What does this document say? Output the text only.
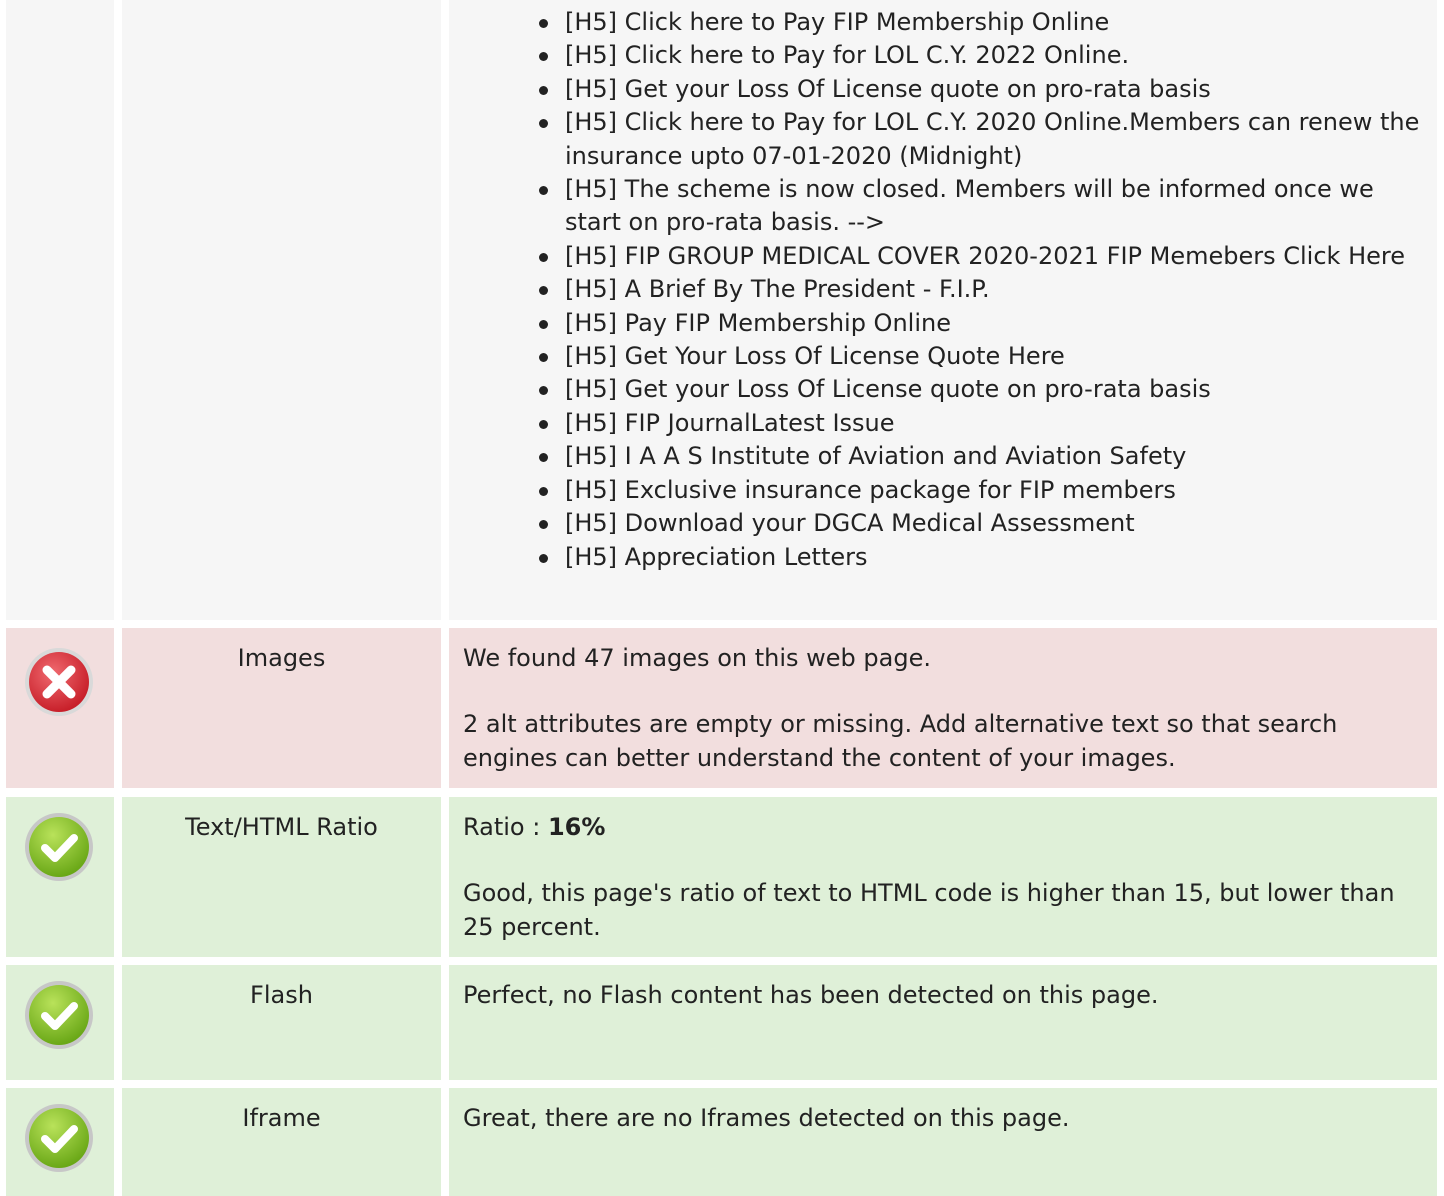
[H5] Click here to Pay FIP Membership Online
[H5] Click here to Pay for LOL C.Y. 2022 Online.
[H5] Get your Loss Of License quote on pro-rata basis
[H5] Click here to Pay for LOL C.Y. 2020 Online.Members can renew the insurance upto 07-01-2020 (Midnight)
[H5] The scheme is now closed. Members will be informed once we start on pro-rata basis. -->
[H5] FIP GROUP MEDICAL COVER 2020-2021 FIP Memebers Click Here
[H5] A Brief By The President - F.I.P.
[H5] Pay FIP Membership Online
[H5] Get Your Loss Of License Quote Here
[H5] Get your Loss Of License quote on pro-rata basis
[H5] FIP JournalLatest Issue
[H5] I A A S Institute of Aviation and Aviation Safety
[H5] Exclusive insurance package for FIP members
[H5] Download your DGCA Medical Assessment
[H5] Appreciation Letters
Images	We found 47 images on this web page.

2 alt attributes are empty or missing. Add alternative text so that search engines can better understand the content of your images.

Text/HTML Ratio	Ratio : 16%

Good, this page's ratio of text to HTML code is higher than 15, but lower than 25 percent.

Flash	Perfect, no Flash content has been detected on this page.

Iframe	Great, there are no Iframes detected on this page.
